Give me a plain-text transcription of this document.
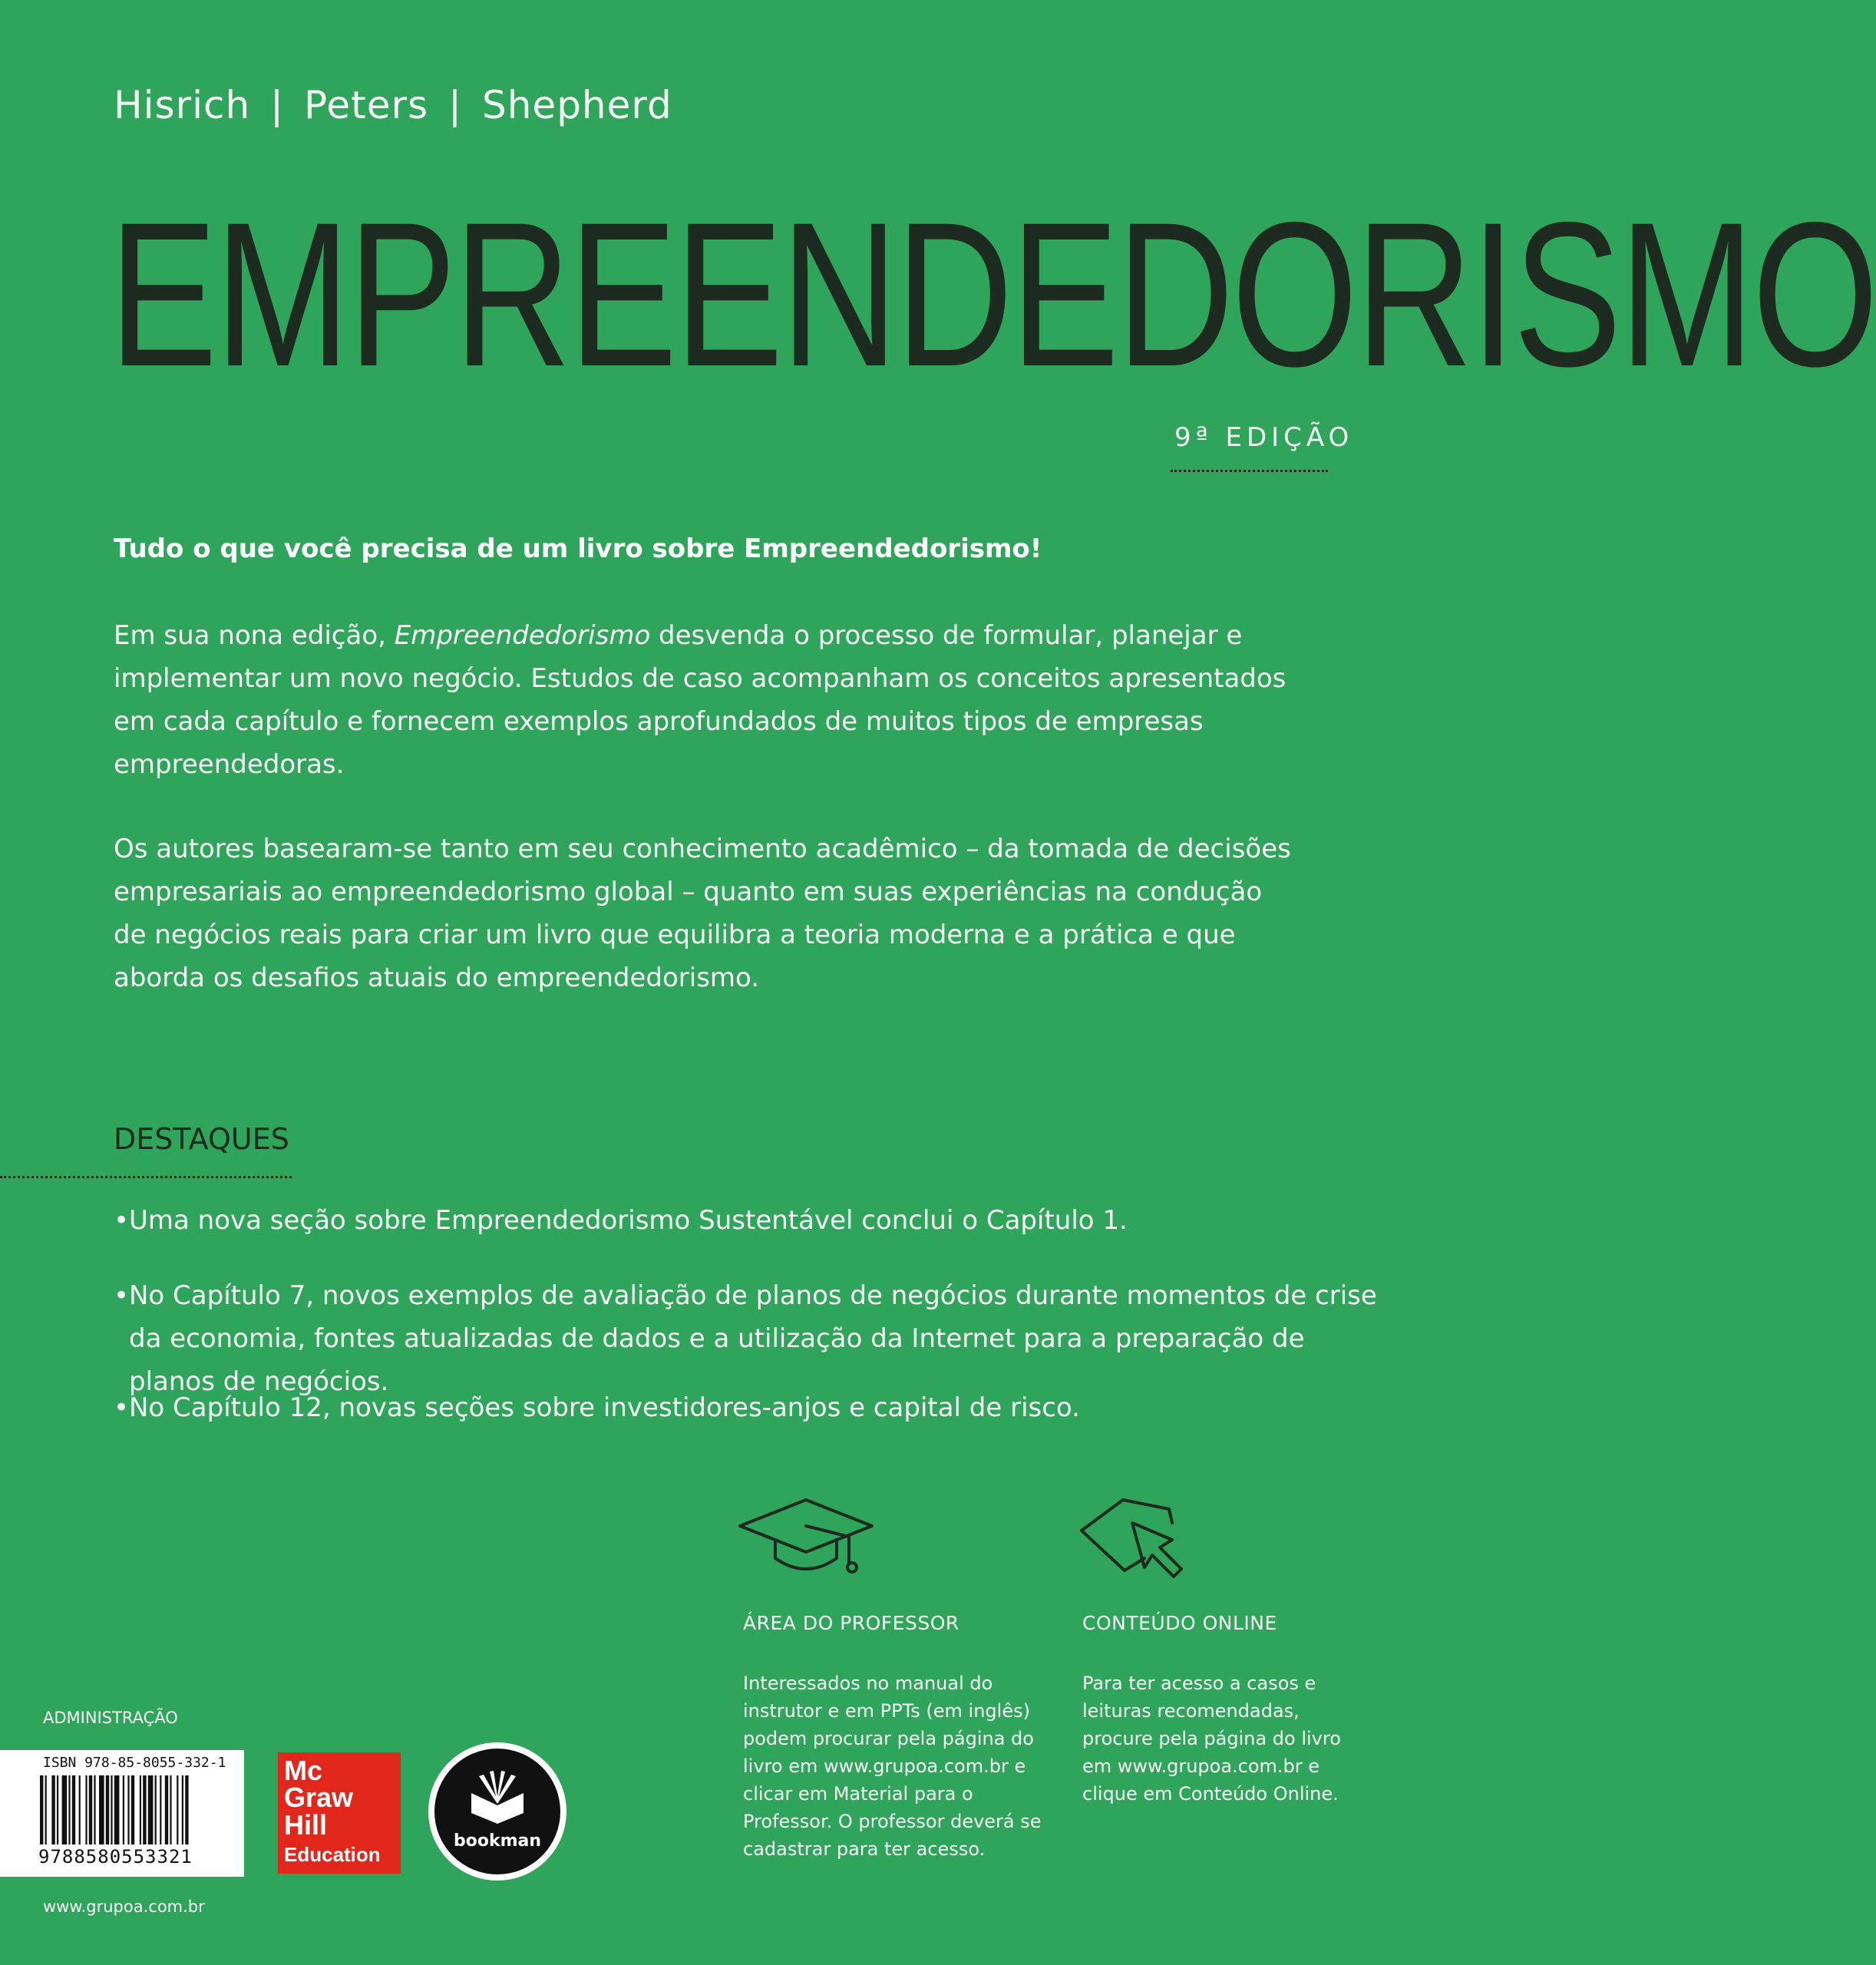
Hisrich | Peters | Shepherd
EMPREENDEDORISMO
9ª EDIÇÃO
Tudo o que você precisa de um livro sobre Empreendedorismo!
Em sua nona edição, Empreendedorismo desvenda o processo de formular, planejar e implementar um novo negócio. Estudos de caso acompanham os conceitos apresentados em cada capítulo e fornecem exemplos aprofundados de muitos tipos de empresas empreendedoras.
Os autores basearam-se tanto em seu conhecimento acadêmico – da tomada de decisões empresariais ao empreendedorismo global – quanto em suas experiências na condução de negócios reais para criar um livro que equilibra a teoria moderna e a prática e que aborda os desafios atuais do empreendedorismo.
DESTAQUES
•Uma nova seção sobre Empreendedorismo Sustentável conclui o Capítulo 1.
•No Capítulo 7, novos exemplos de avaliação de planos de negócios durante momentos de crise da economia, fontes atualizadas de dados e a utilização da Internet para a preparação de planos de negócios.
•No Capítulo 12, novas seções sobre investidores-anjos e capital de risco.
ÁREA DO PROFESSOR
Interessados no manual do instrutor e em PPTs (em inglês) podem procurar pela página do livro em www.grupoa.com.br e clicar em Material para o Professor. O professor deverá se cadastrar para ter acesso.
CONTEÚDO ONLINE
Para ter acesso a casos e leituras recomendadas, procure pela página do livro em www.grupoa.com.br e clique em Conteúdo Online.
ADMINISTRAÇÃO
ISBN 978-85-8055-332-1
9788580553321
Mc
Graw
Hill
Education
bookman
www.grupoa.com.br
